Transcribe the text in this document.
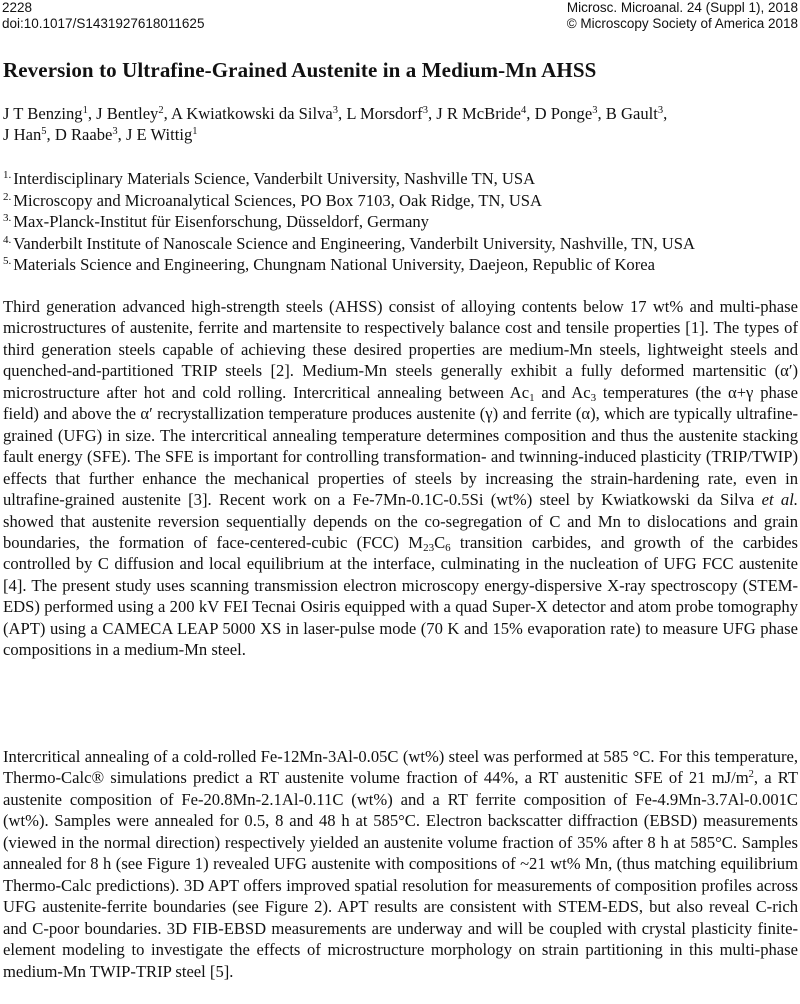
2228
doi:10.1017/S1431927618011625
Microsc. Microanal. 24 (Suppl 1), 2018
© Microscopy Society of America 2018
Reversion to Ultrafine-Grained Austenite in a Medium-Mn AHSS

J T Benzing$^1$, J Bentley$^2$, A Kwiatkowski da Silva$^3$, L Morsdorf$^3$, J R McBride$^4$, D Ponge$^3$, B Gault$^3$,
J Han$^5$, D Raabe$^3$, J E Wittig$^1$

$^{1.}$ Interdisciplinary Materials Science, Vanderbilt University, Nashville TN, USA
$^{2.}$ Microscopy and Microanalytical Sciences, PO Box 7103, Oak Ridge, TN, USA
$^{3.}$ Max-Planck-Institut für Eisenforschung, Düsseldorf, Germany
$^{4.}$ Vanderbilt Institute of Nanoscale Science and Engineering, Vanderbilt University, Nashville, TN, USA
$^{5.}$ Materials Science and Engineering, Chungnam National University, Daejeon, Republic of Korea

Third generation advanced high-strength steels (AHSS) consist of alloying contents below 17 wt% and multi-phase microstructures of austenite, ferrite and martensite to respectively balance cost and tensile properties [1]. The types of third generation steels capable of achieving these desired properties are medium-Mn steels, lightweight steels and quenched-and-partitioned TRIP steels [2]. Medium-Mn steels generally exhibit a fully deformed martensitic (α′) microstructure after hot and cold rolling. Intercritical annealing between $Ac_1$ and $Ac_3$ temperatures (the α+γ phase field) and above the α′ recrystallization temperature produces austenite (γ) and ferrite (α), which are typically ultrafine-grained (UFG) in size. The intercritical annealing temperature determines composition and thus the austenite stacking fault energy (SFE). The SFE is important for controlling transformation- and twinning-induced plasticity (TRIP/TWIP) effects that further enhance the mechanical properties of steels by increasing the strain-hardening rate, even in ultrafine-grained austenite [3]. Recent work on a Fe-7Mn-0.1C-0.5Si (wt%) steel by Kwiatkowski da Silva et al. showed that austenite reversion sequentially depends on the co-segregation of C and Mn to dislocations and grain boundaries, the formation of face-centered-cubic (FCC) $M_{23}C_6$ transition carbides, and growth of the carbides controlled by C diffusion and local equilibrium at the interface, culminating in the nucleation of UFG FCC austenite [4]. The present study uses scanning transmission electron microscopy energy-dispersive X-ray spectroscopy (STEM-EDS) performed using a 200 kV FEI Tecnai Osiris equipped with a quad Super-X detector and atom probe tomography (APT) using a CAMECA LEAP 5000 XS in laser-pulse mode (70 K and 15% evaporation rate) to measure UFG phase compositions in a medium-Mn steel.

Intercritical annealing of a cold-rolled Fe-12Mn-3Al-0.05C (wt%) steel was performed at 585 °C. For this temperature, Thermo-Calc® simulations predict a RT austenite volume fraction of 44%, a RT austenitic SFE of 21 $mJ/m^2$, a RT austenite composition of Fe-20.8Mn-2.1Al-0.11C (wt%) and a RT ferrite composition of Fe-4.9Mn-3.7Al-0.001C (wt%). Samples were annealed for 0.5, 8 and 48 h at 585°C. Electron backscatter diffraction (EBSD) measurements (viewed in the normal direction) respectively yielded an austenite volume fraction of 35% after 8 h at 585°C. Samples annealed for 8 h (see Figure 1) revealed UFG austenite with compositions of ~21 wt% Mn, (thus matching equilibrium Thermo-Calc predictions). 3D APT offers improved spatial resolution for measurements of composition profiles across UFG austenite-ferrite boundaries (see Figure 2). APT results are consistent with STEM-EDS, but also reveal C-rich and C-poor boundaries. 3D FIB-EBSD measurements are underway and will be coupled with crystal plasticity finite-element modeling to investigate the effects of microstructure morphology on strain partitioning in this multi-phase medium-Mn TWIP-TRIP steel [5].
